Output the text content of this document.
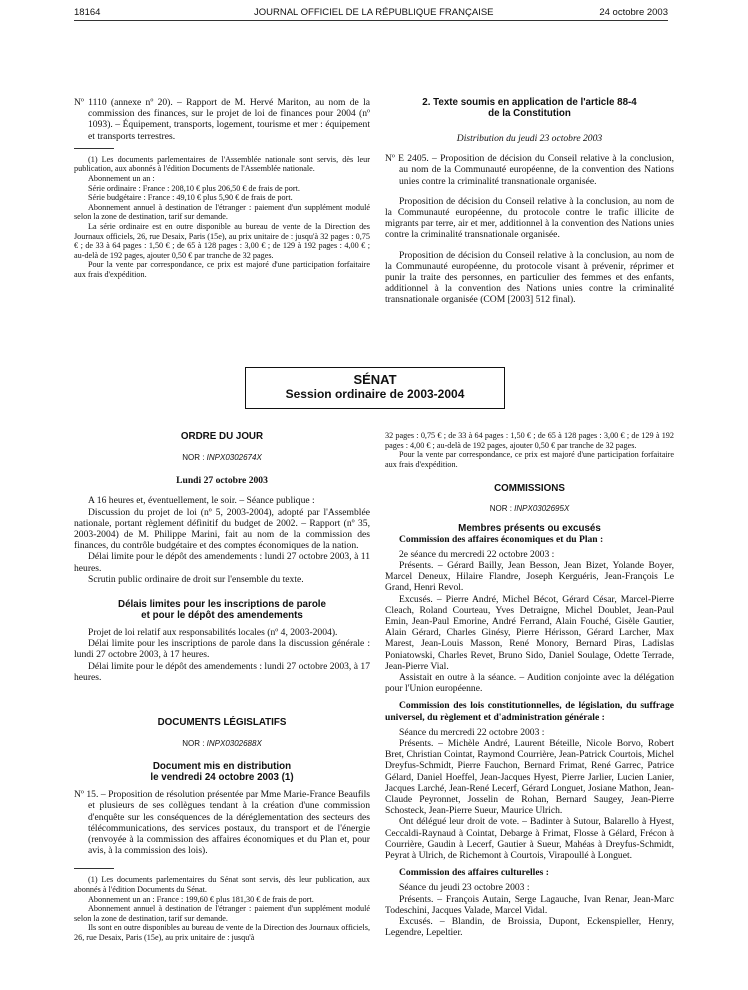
18164	JOURNAL OFFICIEL DE LA RÉPUBLIQUE FRANÇAISE	24 octobre 2003

Nº 1110 (annexe nº 20). – Rapport de M. Hervé Mariton, au nom de la commission des finances, sur le projet de loi de finances pour 2004 (nº 1093). – Équipement, transports, logement, tourisme et mer : équipement et transports terrestres.

(1) Les documents parlementaires de l'Assemblée nationale sont servis, dès leur publication, aux abonnés à l'édition Documents de l'Assemblée nationale.

Abonnement un an :

Série ordinaire : France : 208,10 € plus 206,50 € de frais de port.

Série budgétaire : France : 49,10 € plus 5,90 € de frais de port.

Abonnement annuel à destination de l'étranger : paiement d'un supplément modulé selon la zone de destination, tarif sur demande.

La série ordinaire est en outre disponible au bureau de vente de la Direction des Journaux officiels, 26, rue Desaix, Paris (15e), au prix unitaire de : jusqu'à 32 pages : 0,75 € ; de 33 à 64 pages : 1,50 € ; de 65 à 128 pages : 3,00 € ; de 129 à 192 pages : 4,00 € ; au-delà de 192 pages, ajouter 0,50 € par tranche de 32 pages.

Pour la vente par correspondance, ce prix est majoré d'une participation forfaitaire aux frais d'expédition.

2. Texte soumis en application de l'article 88-4
de la Constitution

Distribution du jeudi 23 octobre 2003

Nº E 2405. – Proposition de décision du Conseil relative à la conclusion, au nom de la Communauté européenne, de la convention des Nations unies contre la criminalité transnationale organisée.

Proposition de décision du Conseil relative à la conclusion, au nom de la Communauté européenne, du protocole contre le trafic illicite de migrants par terre, air et mer, additionnel à la convention des Nations unies contre la criminalité transnationale organisée.

Proposition de décision du Conseil relative à la conclusion, au nom de la Communauté européenne, du protocole visant à prévenir, réprimer et punir la traite des personnes, en particulier des femmes et des enfants, additionnel à la convention des Nations unies contre la criminalité transnationale organisée (COM [2003] 512 final).

SÉNAT
Session ordinaire de 2003-2004
ORDRE DU JOUR
NOR : INPX0302674X

Lundi 27 octobre 2003

A 16 heures et, éventuellement, le soir. – Séance publique :

Discussion du projet de loi (nº 5, 2003-2004), adopté par l'Assemblée nationale, portant règlement définitif du budget de 2002. – Rapport (nº 35, 2003-2004) de M. Philippe Marini, fait au nom de la commission des finances, du contrôle budgétaire et des comptes économiques de la nation.

Délai limite pour le dépôt des amendements : lundi 27 octobre 2003, à 11 heures.

Scrutin public ordinaire de droit sur l'ensemble du texte.

Délais limites pour les inscriptions de parole
et pour le dépôt des amendements

Projet de loi relatif aux responsabilités locales (nº 4, 2003-2004).

Délai limite pour les inscriptions de parole dans la discussion générale : lundi 27 octobre 2003, à 17 heures.

Délai limite pour le dépôt des amendements : lundi 27 octobre 2003, à 17 heures.

DOCUMENTS LÉGISLATIFS
NOR : INPX0302688X
Document mis en distribution
le vendredi 24 octobre 2003 (1)

Nº 15. – Proposition de résolution présentée par Mme Marie-France Beaufils et plusieurs de ses collègues tendant à la création d'une commission d'enquête sur les conséquences de la déréglementation des secteurs des télécommunications, des services postaux, du transport et de l'énergie (renvoyée à la commission des affaires économiques et du Plan et, pour avis, à la commission des lois).

(1) Les documents parlementaires du Sénat sont servis, dès leur publication, aux abonnés à l'édition Documents du Sénat.

Abonnement un an : France : 199,60 € plus 181,30 € de frais de port.

Abonnement annuel à destination de l'étranger : paiement d'un supplément modulé selon la zone de destination, tarif sur demande.

Ils sont en outre disponibles au bureau de vente de la Direction des Journaux officiels, 26, rue Desaix, Paris (15e), au prix unitaire de : jusqu'à

32 pages : 0,75 € ; de 33 à 64 pages : 1,50 € ; de 65 à 128 pages : 3,00 € ; de 129 à 192 pages : 4,00 € ; au-delà de 192 pages, ajouter 0,50 € par tranche de 32 pages.

Pour la vente par correspondance, ce prix est majoré d'une participation forfaitaire aux frais d'expédition.

COMMISSIONS
NOR : INPX0302695X
Membres présents ou excusés

Commission des affaires économiques et du Plan :

2e séance du mercredi 22 octobre 2003 :

Présents. – Gérard Bailly, Jean Besson, Jean Bizet, Yolande Boyer, Marcel Deneux, Hilaire Flandre, Joseph Kerguéris, Jean-François Le Grand, Henri Revol.

Excusés. – Pierre André, Michel Bécot, Gérard César, Marcel-Pierre Cleach, Roland Courteau, Yves Detraigne, Michel Doublet, Jean-Paul Emin, Jean-Paul Emorine, André Ferrand, Alain Fouché, Gisèle Gautier, Alain Gérard, Charles Ginésy, Pierre Hérisson, Gérard Larcher, Max Marest, Jean-Louis Masson, René Monory, Bernard Piras, Ladislas Poniatowski, Charles Revet, Bruno Sido, Daniel Soulage, Odette Terrade, Jean-Pierre Vial.

Assistait en outre à la séance. – Audition conjointe avec la délégation pour l'Union européenne.

Commission des lois constitutionnelles, de législation, du suffrage universel, du règlement et d'administration générale :

Séance du mercredi 22 octobre 2003 :

Présents. – Michèle André, Laurent Béteille, Nicole Borvo, Robert Bret, Christian Cointat, Raymond Courrière, Jean-Patrick Courtois, Michel Dreyfus-Schmidt, Pierre Fauchon, Bernard Frimat, René Garrec, Patrice Gélard, Daniel Hoeffel, Jean-Jacques Hyest, Pierre Jarlier, Lucien Lanier, Jacques Larché, Jean-René Lecerf, Gérard Longuet, Josiane Mathon, Jean-Claude Peyronnet, Josselin de Rohan, Bernard Saugey, Jean-Pierre Schosteck, Jean-Pierre Sueur, Maurice Ulrich.

Ont délégué leur droit de vote. – Badinter à Sutour, Balarello à Hyest, Ceccaldi-Raynaud à Cointat, Debarge à Frimat, Flosse à Gélard, Frécon à Courrière, Gaudin à Lecerf, Gautier à Sueur, Mahéas à Dreyfus-Schmidt, Peyrat à Ulrich, de Richemont à Courtois, Virapoullé à Longuet.

Commission des affaires culturelles :

Séance du jeudi 23 octobre 2003 :

Présents. – François Autain, Serge Lagauche, Ivan Renar, Jean-Marc Todeschini, Jacques Valade, Marcel Vidal.

Excusés. – Blandin, de Broissia, Dupont, Eckenspieller, Henry, Legendre, Lepeltier.
